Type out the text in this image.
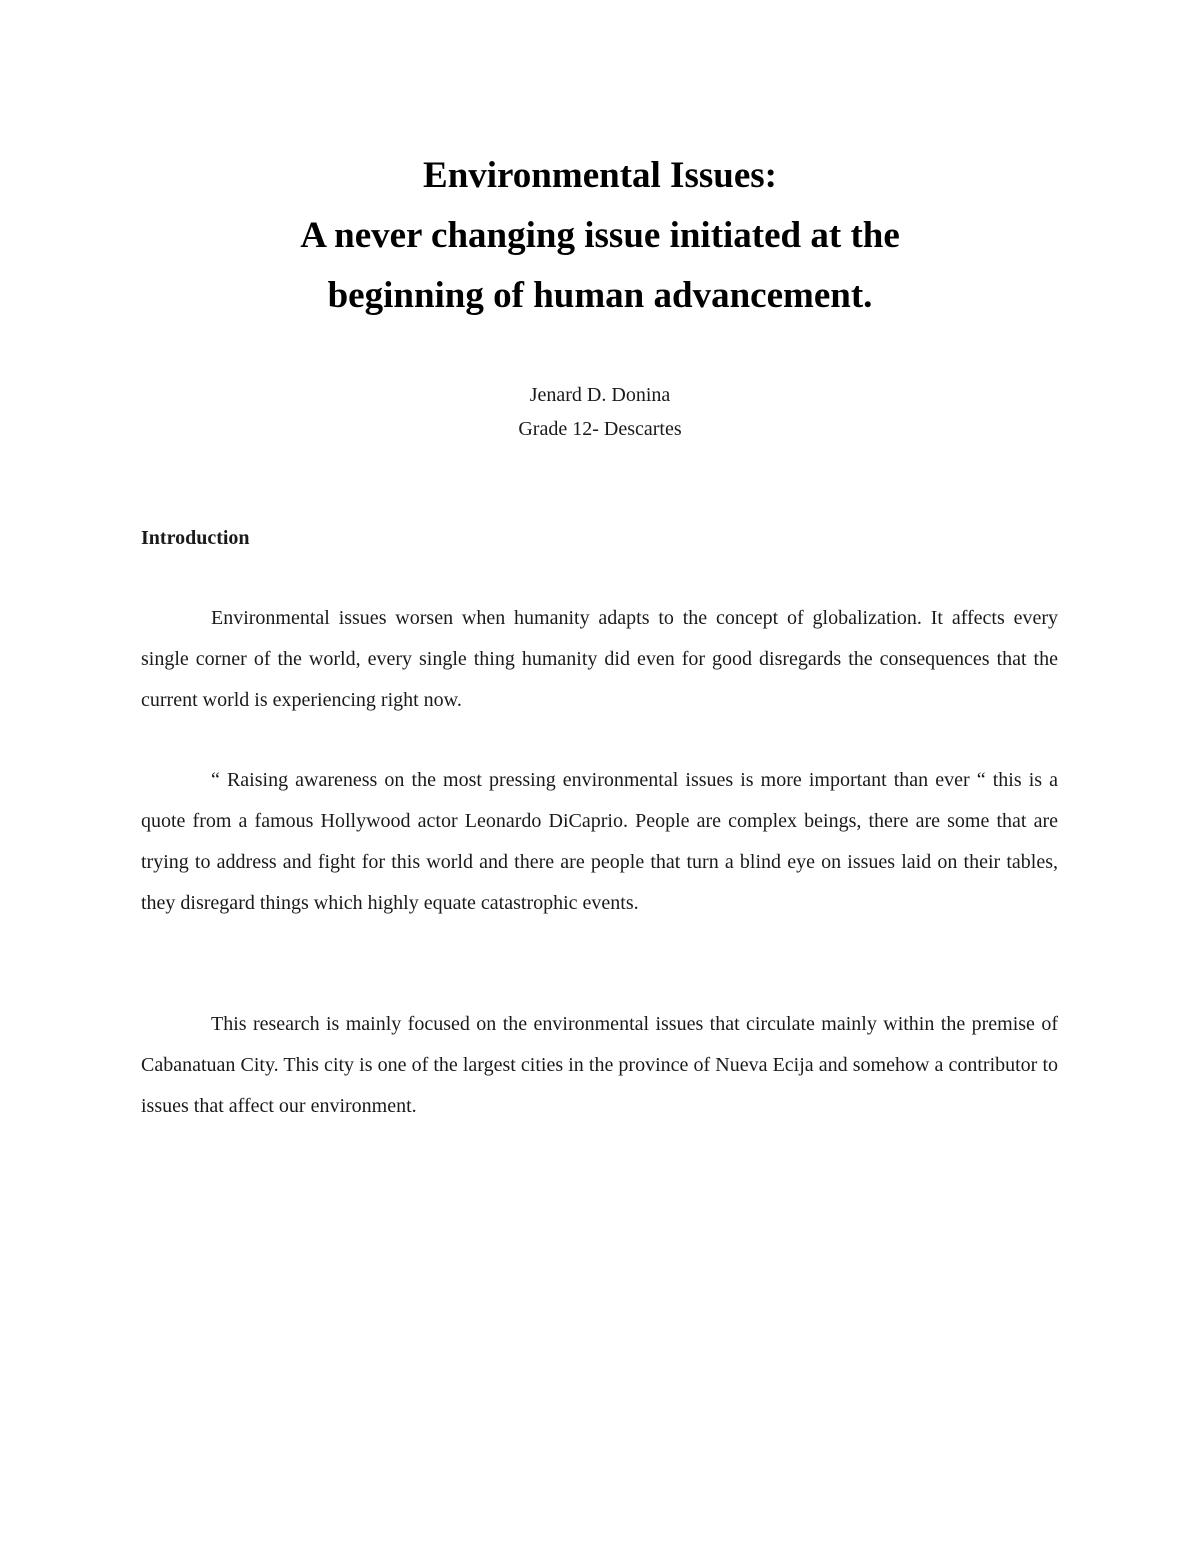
Environmental Issues:
A never changing issue initiated at the
beginning of human advancement.
Jenard D. Donina
Grade 12- Descartes
Introduction

Environmental issues worsen when humanity adapts to the concept of globalization. It affects every single corner of the world, every single thing humanity did even for good disregards the consequences that the current world is experiencing right now.

“ Raising awareness on the most pressing environmental issues is more important than ever “ this is a quote from a famous Hollywood actor Leonardo DiCaprio. People are complex beings, there are some that are trying to address and fight for this world and there are people that turn a blind eye on issues laid on their tables, they disregard things which highly equate catastrophic events.

This research is mainly focused on the environmental issues that circulate mainly within the premise of Cabanatuan City. This city is one of the largest cities in the province of Nueva Ecija and somehow a contributor to issues that affect our environment.
